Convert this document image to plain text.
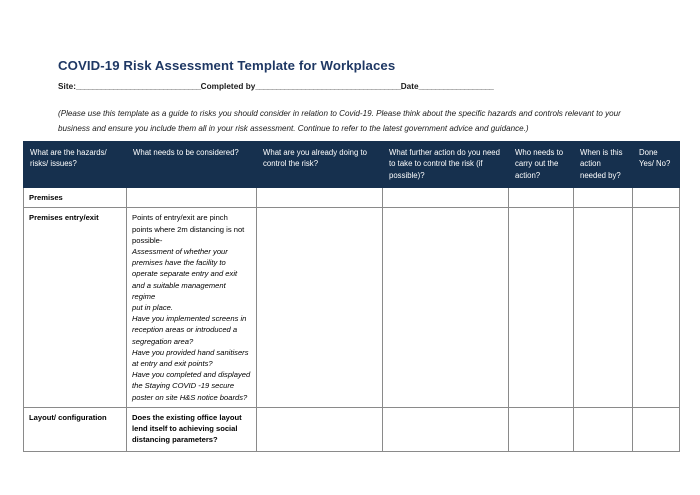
COVID-19 Risk Assessment Template for Workplaces
Site:______________________________Completed by___________________________________Date__________________
(Please use this template as a guide to risks you should consider in relation to Covid-19. Please think about the specific hazards and controls relevant to your business and ensure you include them all in your risk assessment. Continue to refer to the latest government advice and guidance.)
What are the hazards/ risks/ issues?	What needs to be considered?	What are you already doing to control the risk?	What further action do you need to take to control the risk (if possible)?	Who needs to carry out the action?	When is this action needed by?	Done Yes/ No?
Premises						
Premises entry/exit	Points of entry/exit are pinch

points where 2m distancing is not

possible-

Assessment of whether your

premises have the facility to

operate separate entry and exit

and a suitable management regime

put in place.

Have you implemented screens in

reception areas or introduced a

segregation area?

Have you provided hand sanitisers

at entry and exit points?

Have you completed and displayed

the Staying COVID -19 secure

poster on site H&S notice boards?

Layout/ configuration	Does the existing office layout

lend itself to achieving social

distancing parameters?					
